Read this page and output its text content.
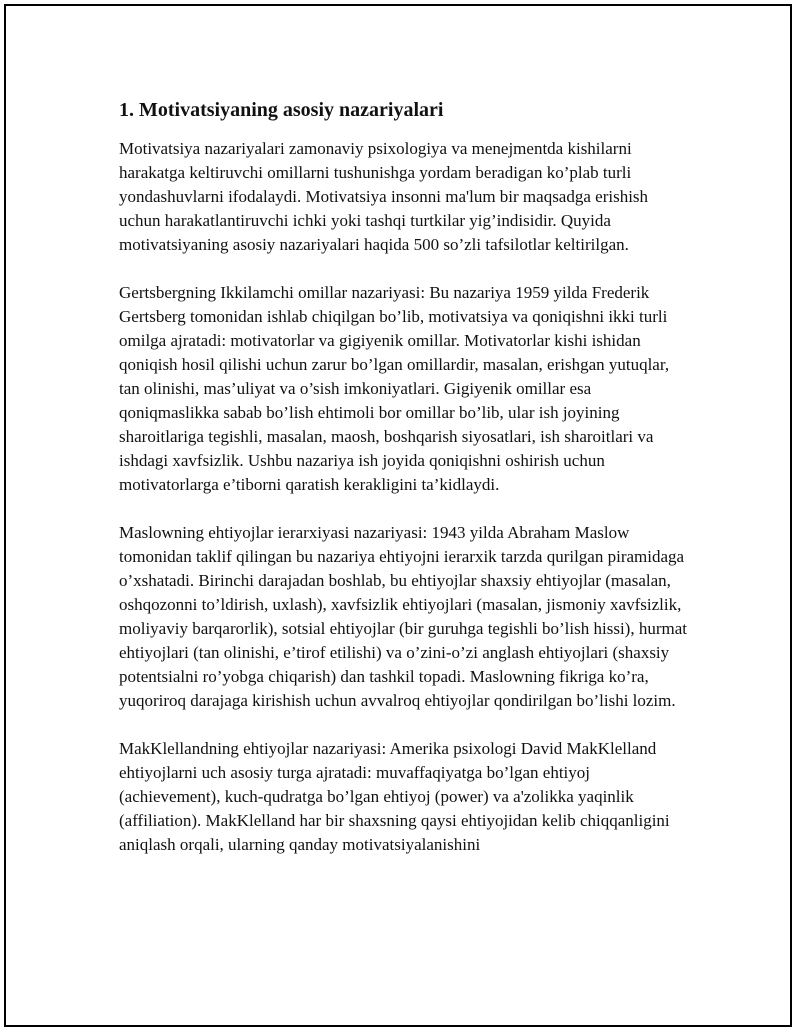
1. Motivatsiyaning asosiy nazariyalari

Motivatsiya nazariyalari zamonaviy psixologiya va menejmentda kishilarni harakatga keltiruvchi omillarni tushunishga yordam beradigan ko’plab turli yondashuvlarni ifodalaydi. Motivatsiya insonni ma'lum bir maqsadga erishish uchun harakatlantiruvchi ichki yoki tashqi turtkilar yig’indisidir. Quyida motivatsiyaning asosiy nazariyalari haqida 500 so’zli tafsilotlar keltirilgan.

Gertsbergning Ikkilamchi omillar nazariyasi: Bu nazariya 1959 yilda Frederik Gertsberg tomonidan ishlab chiqilgan bo’lib, motivatsiya va qoniqishni ikki turli omilga ajratadi: motivatorlar va gigiyenik omillar. Motivatorlar kishi ishidan qoniqish hosil qilishi uchun zarur bo’lgan omillardir, masalan, erishgan yutuqlar, tan olinishi, mas’uliyat va o’sish imkoniyatlari. Gigiyenik omillar esa qoniqmaslikka sabab bo’lish ehtimoli bor omillar bo’lib, ular ish joyining sharoitlariga tegishli, masalan, maosh, boshqarish siyosatlari, ish sharoitlari va ishdagi xavfsizlik. Ushbu nazariya ish joyida qoniqishni oshirish uchun motivatorlarga e’tiborni qaratish kerakligini ta’kidlaydi.

Maslowning ehtiyojlar ierarxiyasi nazariyasi: 1943 yilda Abraham Maslow tomonidan taklif qilingan bu nazariya ehtiyojni ierarxik tarzda qurilgan piramidaga o’xshatadi. Birinchi darajadan boshlab, bu ehtiyojlar shaxsiy ehtiyojlar (masalan, oshqozonni to’ldirish, uxlash), xavfsizlik ehtiyojlari (masalan, jismoniy xavfsizlik, moliyaviy barqarorlik), sotsial ehtiyojlar (bir guruhga tegishli bo’lish hissi), hurmat ehtiyojlari (tan olinishi, e’tirof etilishi) va o’zini-o’zi anglash ehtiyojlari (shaxsiy potentsialni ro’yobga chiqarish) dan tashkil topadi. Maslowning fikriga ko’ra, yuqoriroq darajaga kirishish uchun avvalroq ehtiyojlar qondirilgan bo’lishi lozim.

MakKlellandning ehtiyojlar nazariyasi: Amerika psixologi David MakKlelland ehtiyojlarni uch asosiy turga ajratadi: muvaffaqiyatga bo’lgan ehtiyoj (achievement), kuch-qudratga bo’lgan ehtiyoj (power) va a'zolikka yaqinlik (affiliation). MakKlelland har bir shaxsning qaysi ehtiyojidan kelib chiqqanligini aniqlash orqali, ularning qanday motivatsiyalanishini
